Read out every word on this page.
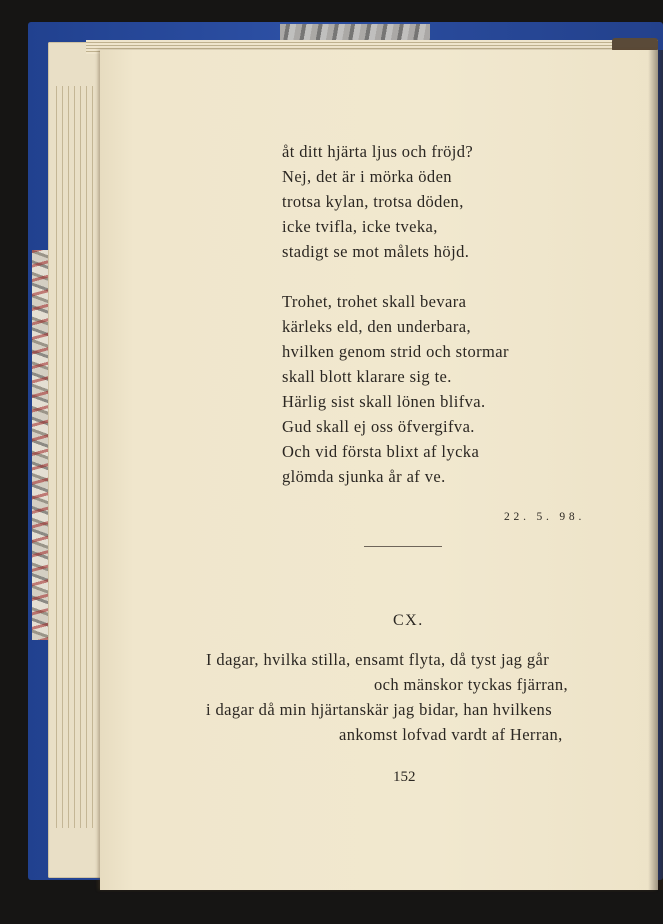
åt ditt hjärta ljus och fröjd?
Nej, det är i mörka öden
trotsa kylan, trotsa döden,
icke tvifla, icke tveka,
stadigt se mot målets höjd.
Trohet, trohet skall bevara
kärleks eld, den underbara,
hvilken genom strid och stormar
skall blott klarare sig te.
Härlig sist skall lönen blifva.
Gud skall ej oss öfvergifva.
Och vid första blixt af lycka
glömda sjunka år af ve.
22. 5. 98.
CX.
I dagar, hvilka stilla, ensamt flyta, då tyst jag går
och mänskor tyckas fjärran,
i dagar då min hjärtanskär jag bidar, han hvilkens
ankomst lofvad vardt af Herran,
152
